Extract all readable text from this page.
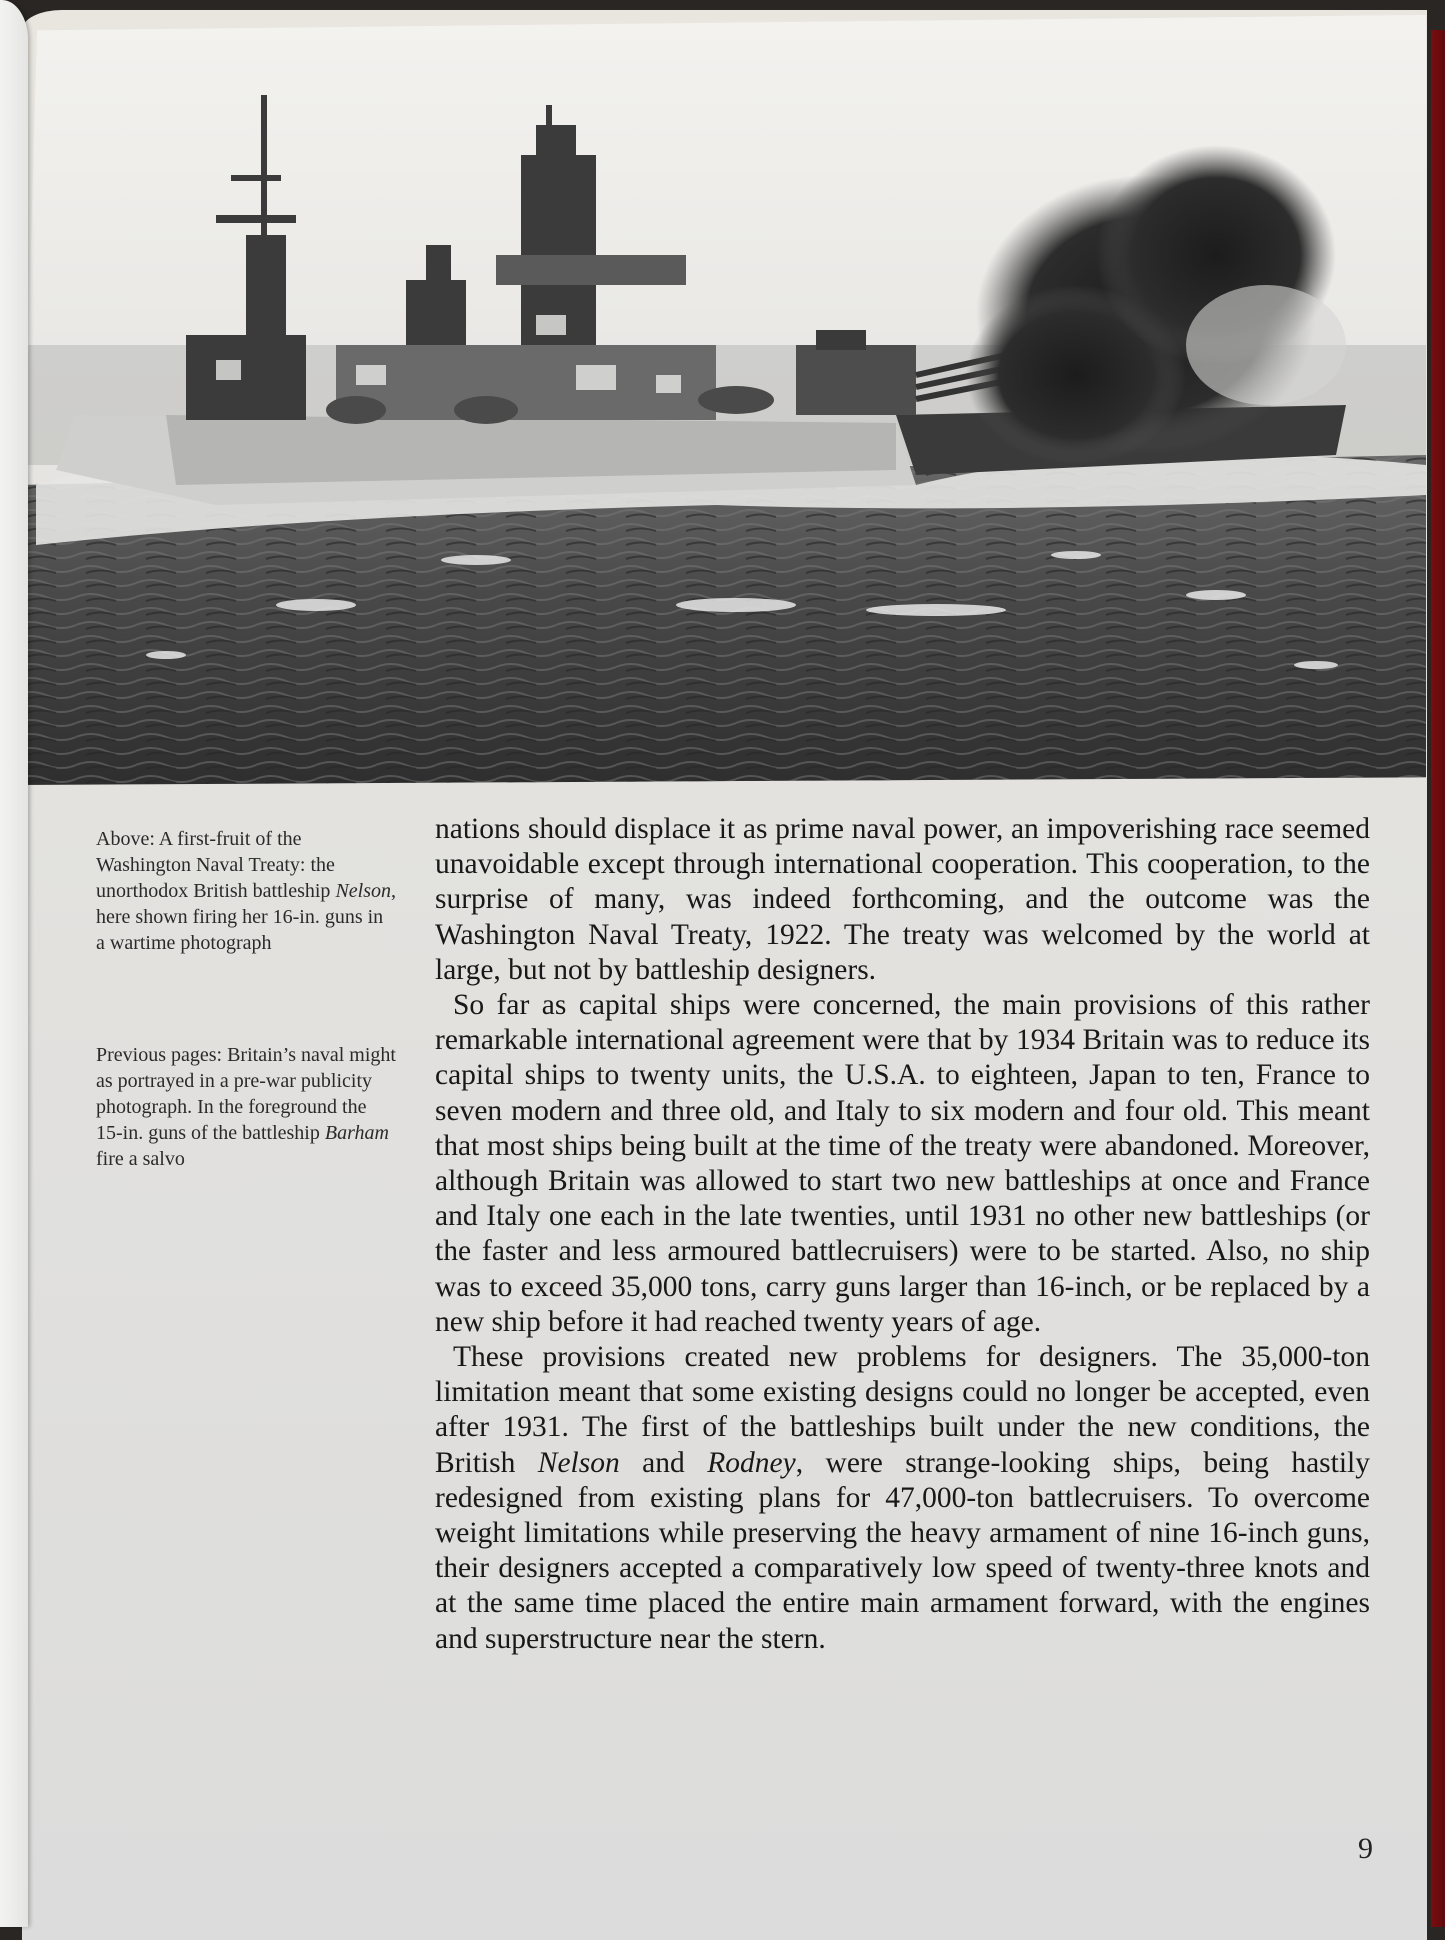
Above: A first-fruit of the Washington Naval Treaty: the unorthodox British battleship Nelson, here shown firing her 16-in. guns in a wartime photograph
Previous pages: Britain’s naval might as portrayed in a pre-war publicity photograph. In the foreground the 15-in. guns of the battleship Barham fire a salvo

nations should displace it as prime naval power, an impoverishing race seemed unavoidable except through international cooperation. This cooperation, to the surprise of many, was indeed forthcoming, and the outcome was the Washington Naval Treaty, 1922. The treaty was welcomed by the world at large, but not by battleship designers.

So far as capital ships were concerned, the main provisions of this rather remarkable international agreement were that by 1934 Britain was to reduce its capital ships to twenty units, the U.S.A. to eighteen, Japan to ten, France to seven modern and three old, and Italy to six modern and four old. This meant that most ships being built at the time of the treaty were abandoned. Moreover, although Britain was allowed to start two new battleships at once and France and Italy one each in the late twenties, until 1931 no other new battleships (or the faster and less armoured battlecruisers) were to be started. Also, no ship was to exceed 35,000 tons, carry guns larger than 16-inch, or be replaced by a new ship before it had reached twenty years of age.

These provisions created new problems for designers. The 35,000-ton limitation meant that some existing designs could no longer be accepted, even after 1931. The first of the battleships built under the new conditions, the British Nelson and Rodney, were strange-looking ships, being hastily redesigned from existing plans for 47,000-ton battlecruisers. To overcome weight limitations while preserving the heavy armament of nine 16-inch guns, their designers accepted a comparatively low speed of twenty-three knots and at the same time placed the entire main armament forward, with the engines and superstructure near the stern.

9
